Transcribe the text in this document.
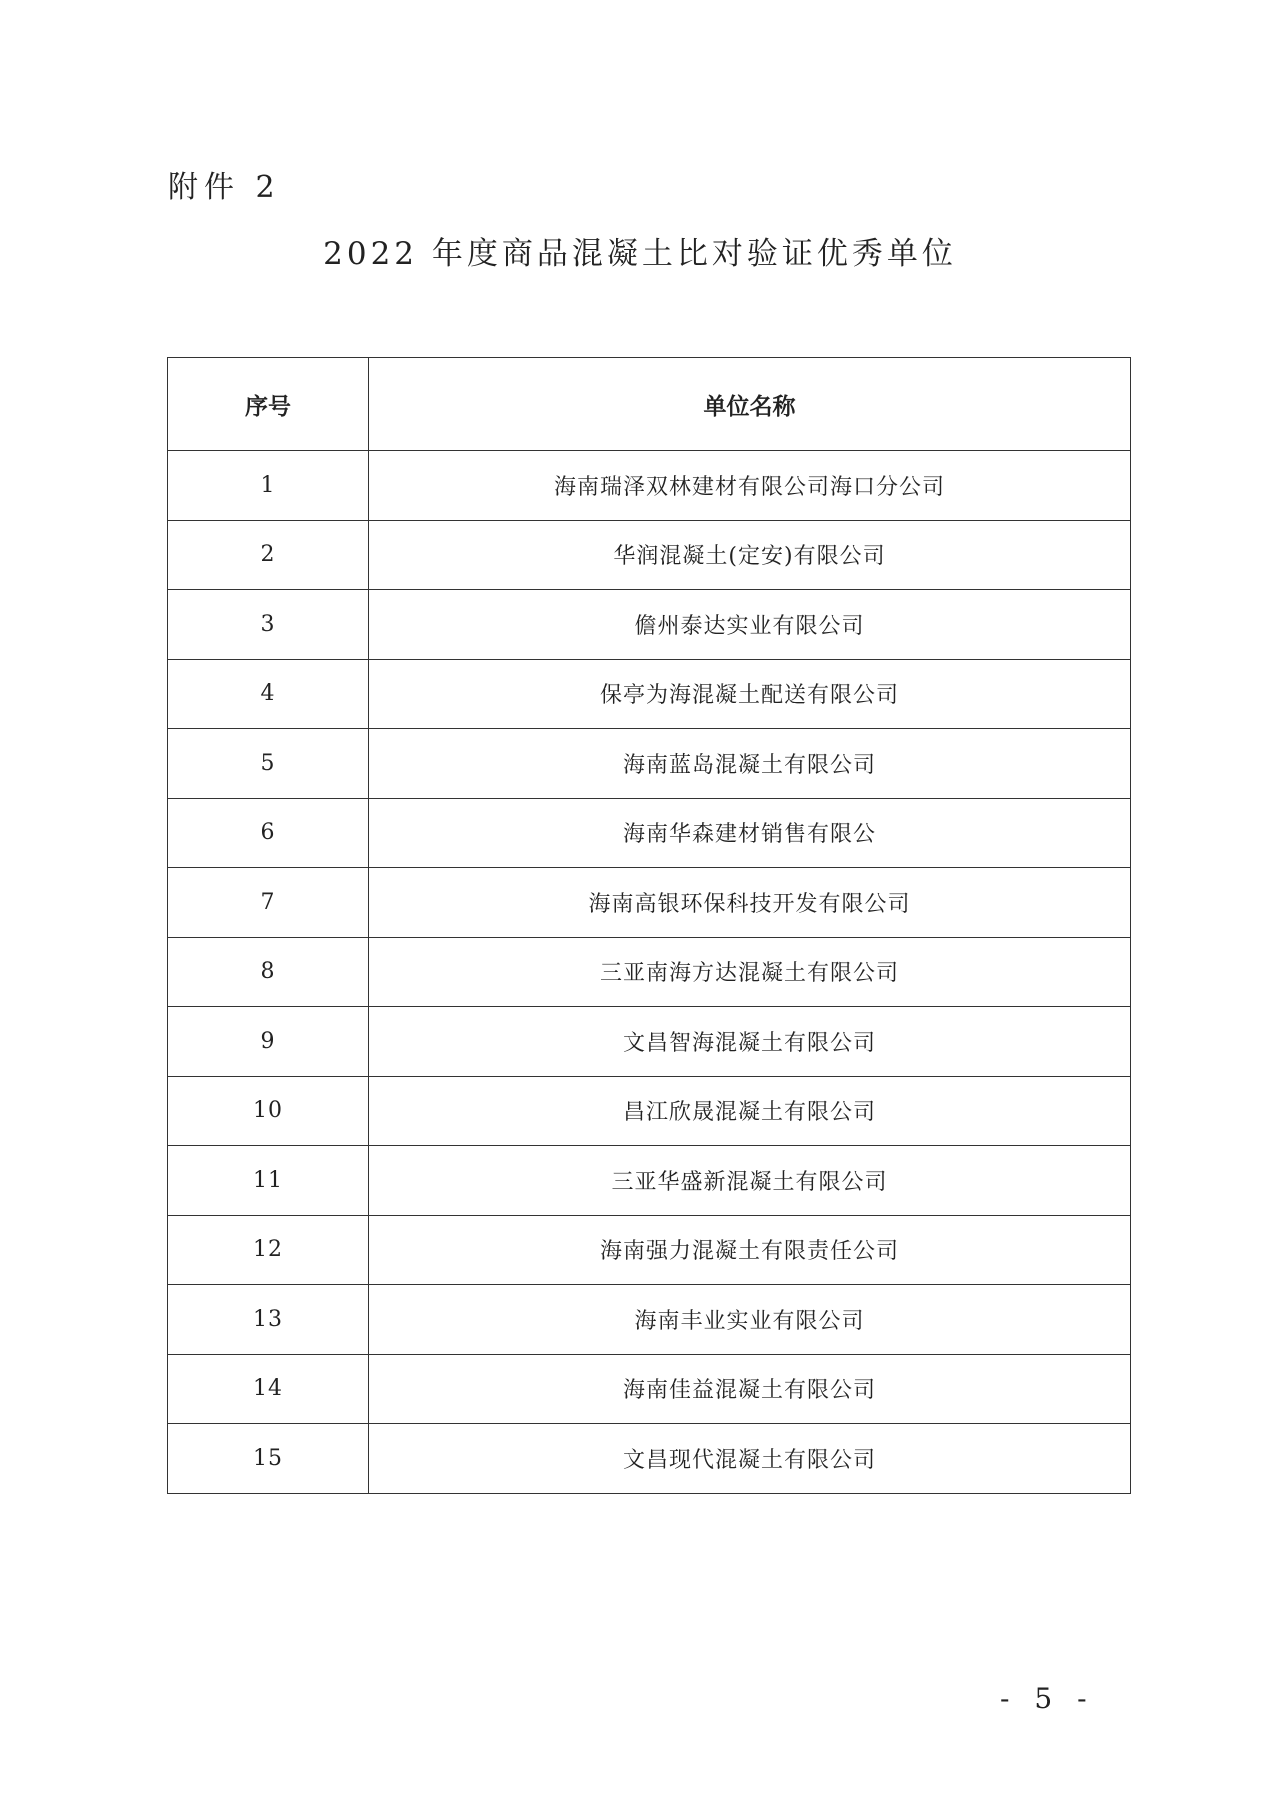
附件 2
2022 年度商品混凝土比对验证优秀单位
序号	单位名称
1	海南瑞泽双林建材有限公司海口分公司
2	华润混凝土(定安)有限公司
3	儋州泰达实业有限公司
4	保亭为海混凝土配送有限公司
5	海南蓝岛混凝土有限公司
6	海南华森建材销售有限公
7	海南高银环保科技开发有限公司
8	三亚南海方达混凝土有限公司
9	文昌智海混凝土有限公司
10	昌江欣晟混凝土有限公司
11	三亚华盛新混凝土有限公司
12	海南强力混凝土有限责任公司
13	海南丰业实业有限公司
14	海南佳益混凝土有限公司
15	文昌现代混凝土有限公司
- 5 -
